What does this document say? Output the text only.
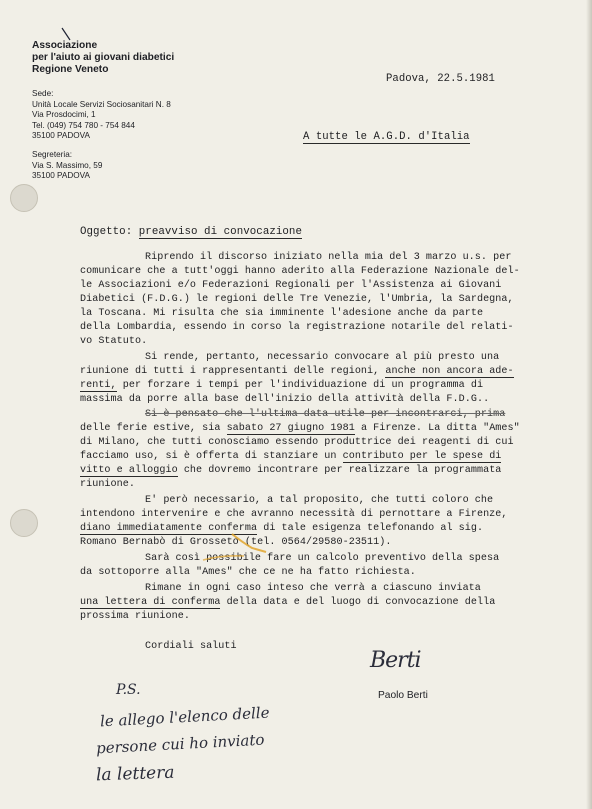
Associazione
per l'aiuto ai giovani diabetici
Regione Veneto
Sede:
Unità Locale Servizi Sociosanitari N. 8
Via Prosdocimi, 1
Tel. (049) 754 780 - 754 844
35100 PADOVA
Segreteria:
Via S. Massimo, 59
35100 PADOVA
Padova, 22.5.1981
A tutte le A.G.D. d'Italia
Oggetto: preavviso di convocazione
Riprendo il discorso iniziato nella mia del 3 marzo u.s. per
comunicare che a tutt'oggi hanno aderito alla Federazione Nazionale del-
le Associazioni e/o Federazioni Regionali per l'Assistenza ai Giovani
Diabetici (F.D.G.) le regioni delle Tre Venezie, l'Umbria, la Sardegna,
la Toscana. Mi risulta che sia imminente l'adesione anche da parte
della Lombardia, essendo in corso la registrazione notarile del relati-
vo Statuto.
Si rende, pertanto, necessario convocare al più presto una
riunione di tutti i rappresentanti delle regioni, anche non ancora ade-
renti, per forzare i tempi per l'individuazione di un programma di
massima da porre alla base dell'inizio della attività della F.D.G..
Si è pensato che l'ultima data utile per incontrarci, prima
delle ferie estive, sia sabato 27 giugno 1981 a Firenze. La ditta "Ames"
di Milano, che tutti conosciamo essendo produttrice dei reagenti di cui
facciamo uso, si è offerta di stanziare un contributo per le spese di
vitto e alloggio che dovremo incontrare per realizzare la programmata
riunione.
E' però necessario, a tal proposito, che tutti coloro che
intendono intervenire e che avranno necessità di pernottare a Firenze,
diano immediatamente conferma di tale esigenza telefonando al sig.
Romano Bernabò di Grosseto (tel. 0564/29580-23511).
Sarà così possibile fare un calcolo preventivo della spesa
da sottoporre alla "Ames" che ce ne ha fatto richiesta.
Rimane in ogni caso inteso che verrà a ciascuno inviata
una lettera di conferma della data e del luogo di convocazione della
prossima riunione.
Cordiali saluti
Berti
Paolo Berti
P.S.
le allego l'elenco delle
persone cui ho inviato
la lettera
